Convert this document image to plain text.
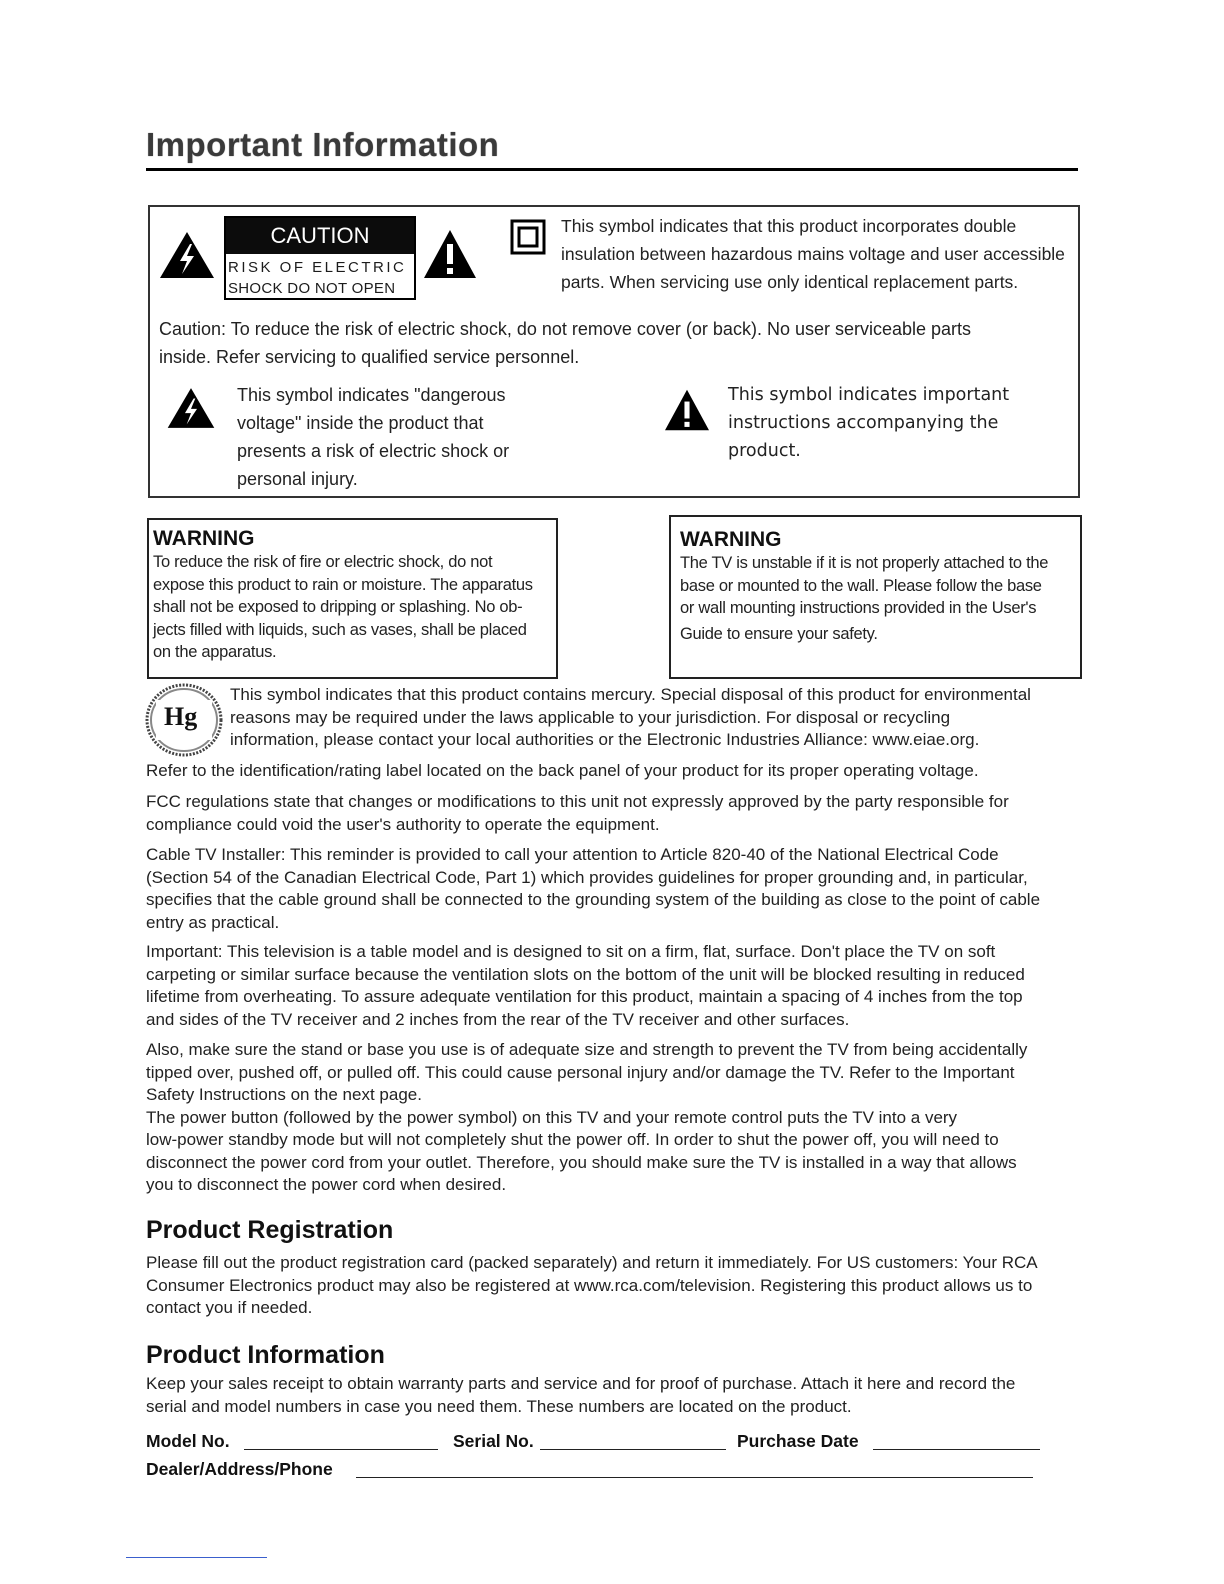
Important Information
CAUTION
RISK OF ELECTRIC
SHOCK DO NOT OPEN
This symbol indicates that this product incorporates double
insulation between hazardous mains voltage and user accessible
parts. When servicing use only identical replacement parts.
Caution: To reduce the risk of electric shock, do not remove cover (or back). No user serviceable parts
inside. Refer servicing to qualified service personnel.
This symbol indicates "dangerous
voltage" inside the product that
presents a risk of electric shock or
personal injury.
This symbol indicates important
instructions accompanying the product.
WARNING
To reduce the risk of fire or electric shock, do not
expose this product to rain or moisture. The apparatus
shall not be exposed to dripping or splashing. No ob-
jects filled with liquids, such as vases, shall be placed
on the apparatus.
WARNING
The TV is unstable if it is not properly attached to the
base or mounted to the wall. Please follow the base
or wall mounting instructions provided in the User's
Guide to ensure your safety.
Hg
This symbol indicates that this product contains mercury. Special disposal of this product for environmental
reasons may be required under the laws applicable to your jurisdiction. For disposal or recycling
information, please contact your local authorities or the Electronic Industries Alliance: www.eiae.org.
Refer to the identification/rating label located on the back panel of your product for its proper operating voltage.
FCC regulations state that changes or modifications to this unit not expressly approved by the party responsible for
compliance could void the user's authority to operate the equipment.
Cable TV Installer: This reminder is provided to call your attention to Article 820-40 of the National Electrical Code
(Section 54 of the Canadian Electrical Code, Part 1) which provides guidelines for proper grounding and, in particular,
specifies that the cable ground shall be connected to the grounding system of the building as close to the point of cable
entry as practical.
Important: This television is a table model and is designed to sit on a firm, flat, surface. Don't place the TV on soft
carpeting or similar surface because the ventilation slots on the bottom of the unit will be blocked resulting in reduced
lifetime from overheating. To assure adequate ventilation for this product, maintain a spacing of 4 inches from the top
and sides of the TV receiver and 2 inches from the rear of the TV receiver and other surfaces.
Also, make sure the stand or base you use is of adequate size and strength to prevent the TV from being accidentally
tipped over, pushed off, or pulled off. This could cause personal injury and/or damage the TV. Refer to the Important
Safety Instructions on the next page.
The power button (followed by the power symbol) on this TV and your remote control puts the TV into a very
low-power standby mode but will not completely shut the power off. In order to shut the power off, you will need to
disconnect the power cord from your outlet. Therefore, you should make sure the TV is installed in a way that allows
you to disconnect the power cord when desired.
Product Registration
Please fill out the product registration card (packed separately) and return it immediately. For US customers: Your RCA
Consumer Electronics product may also be registered at www.rca.com/television. Registering this product allows us to
contact you if needed.
Product Information
Keep your sales receipt to obtain warranty parts and service and for proof of purchase. Attach it here and record the
serial and model numbers in case you need them. These numbers are located on the product.
Model No.	Serial No.	Purchase Date
Dealer/Address/Phone
